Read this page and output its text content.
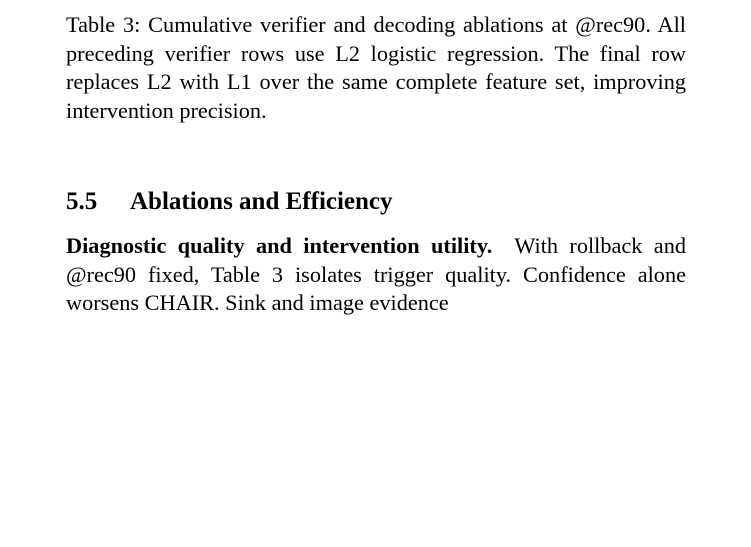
Table 3: Cumulative verifier and decoding ablations at @rec90. All preceding verifier rows use L2 logistic regression. The final row replaces L2 with L1 over the same complete feature set, improving intervention precision.

5.5 Ablations and Efficiency

Diagnostic quality and intervention utility. With rollback and @rec90 fixed, Table 3 isolates trigger quality. Confidence alone worsens CHAIR. Sink and image evidence
